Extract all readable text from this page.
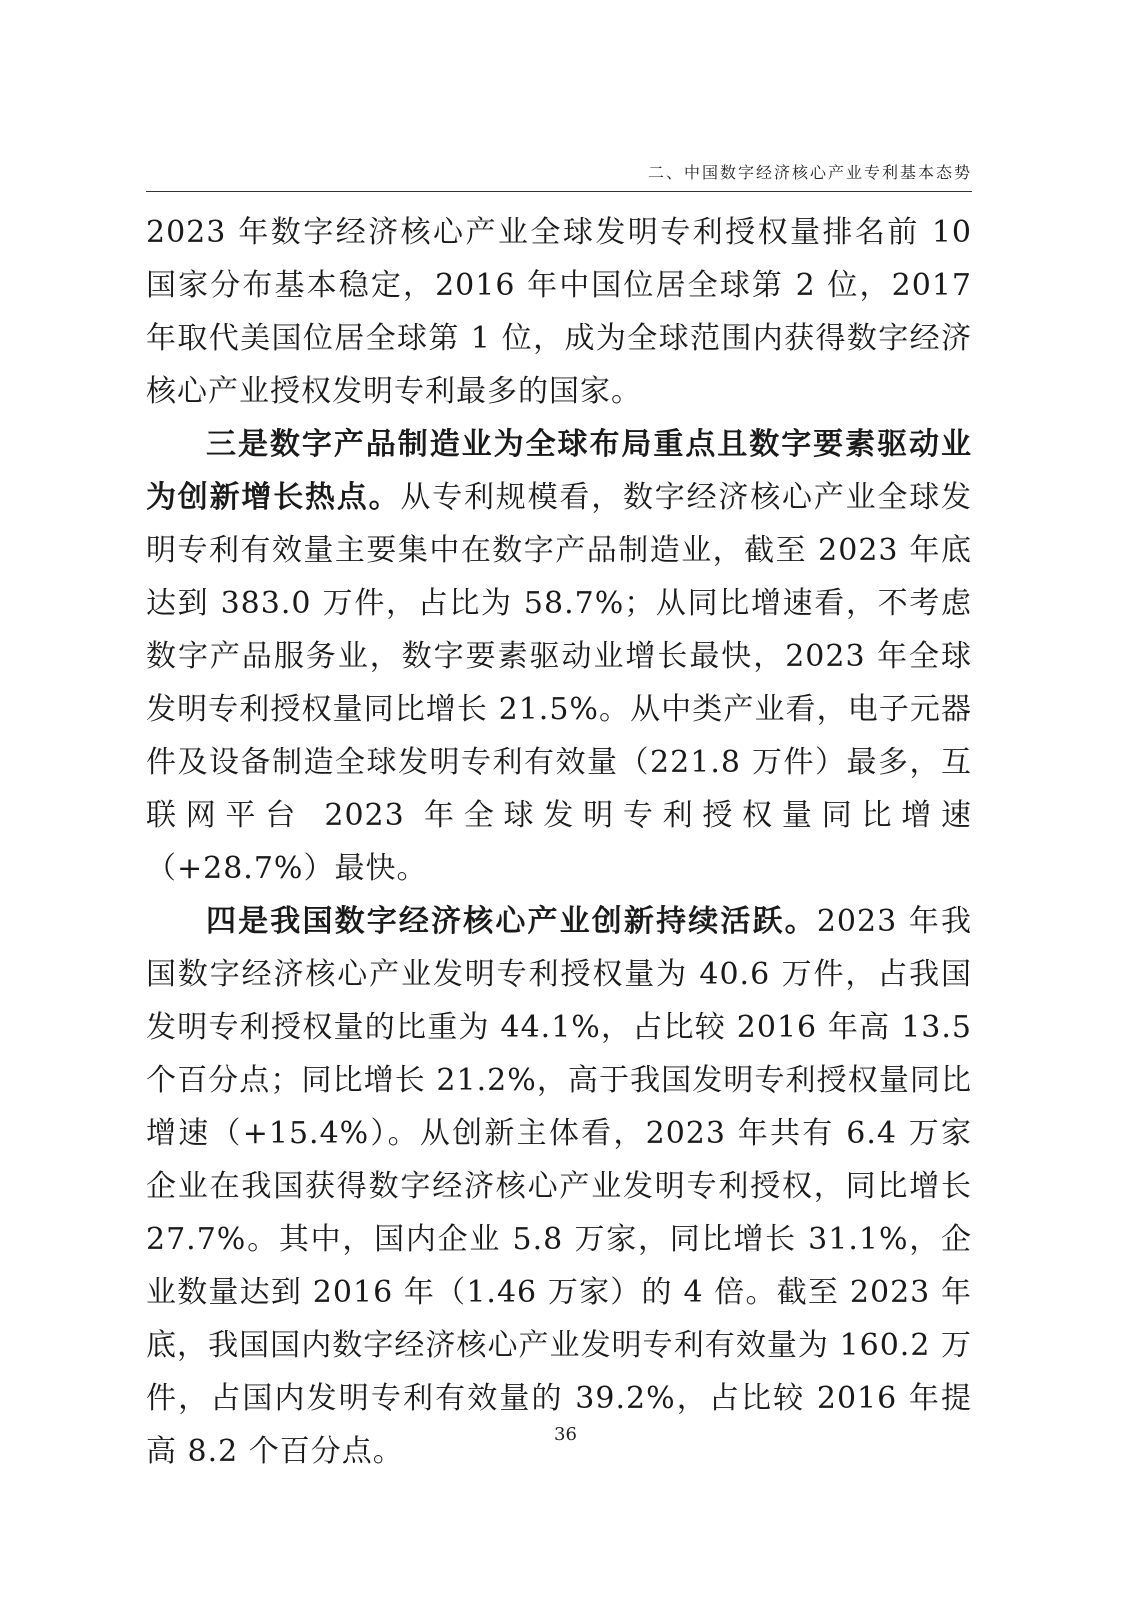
二、中国数字经济核心产业专利基本态势

2023 年数字经济核心产业全球发明专利授权量排名前 10 国家分布基本稳定，2016 年中国位居全球第 2 位，2017 年取代美国位居全球第 1 位，成为全球范围内获得数字经济核心产业授权发明专利最多的国家。

三是数字产品制造业为全球布局重点且数字要素驱动业为创新增长热点。从专利规模看，数字经济核心产业全球发明专利有效量主要集中在数字产品制造业，截至 2023 年底达到 383.0 万件，占比为 58.7%；从同比增速看，不考虑数字产品服务业，数字要素驱动业增长最快，2023 年全球发明专利授权量同比增长 21.5%。从中类产业看，电子元器件及设备制造全球发明专利有效量（221.8 万件）最多，互联网平台 2023 年全球发明专利授权量同比增速（+28.7%）最快。

四是我国数字经济核心产业创新持续活跃。2023 年我国数字经济核心产业发明专利授权量为 40.6 万件，占我国发明专利授权量的比重为 44.1%，占比较 2016 年高 13.5 个百分点；同比增长 21.2%，高于我国发明专利授权量同比增速（+15.4%）。从创新主体看，2023 年共有 6.4 万家企业在我国获得数字经济核心产业发明专利授权，同比增长 27.7%。其中，国内企业 5.8 万家，同比增长 31.1%，企业数量达到 2016 年（1.46 万家）的 4 倍。截至 2023 年底，我国国内数字经济核心产业发明专利有效量为 160.2 万件，占国内发明专利有效量的 39.2%，占比较 2016 年提高 8.2 个百分点。	36
